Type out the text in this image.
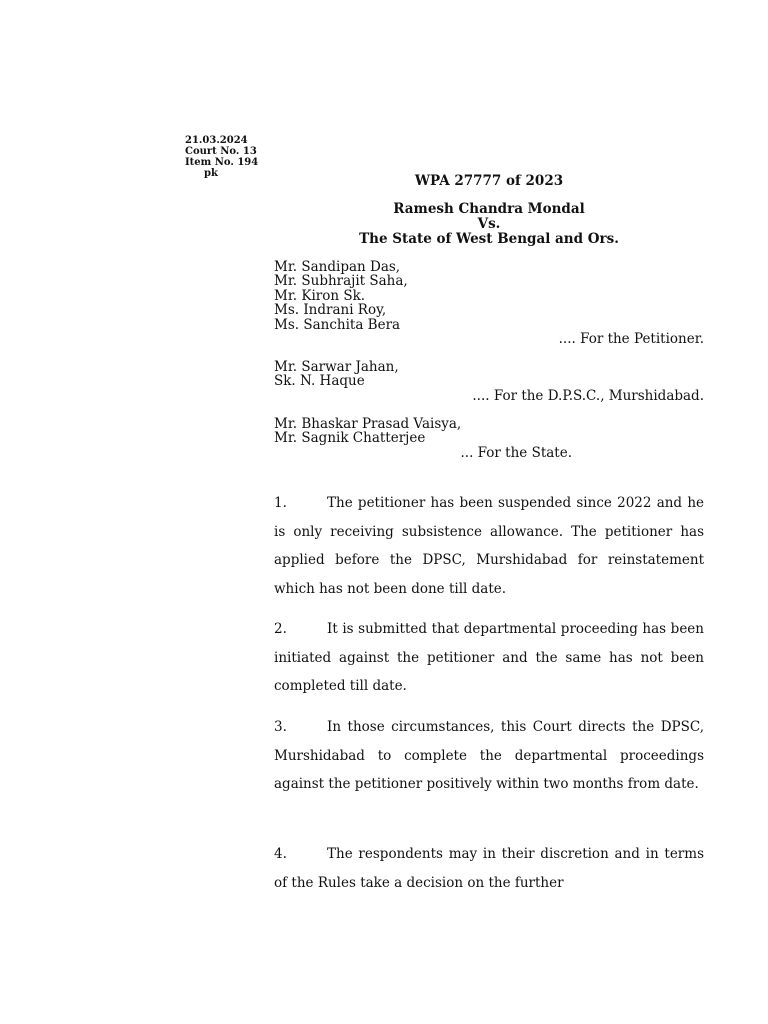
21.03.2024
Court No. 13
Item No. 194
pk	WPA 27777 of 2023
Ramesh Chandra Mondal
Vs.
The State of West Bengal and Ors.
Mr. Sandipan Das,
Mr. Subhrajit Saha,
Mr. Kiron Sk.
Ms. Indrani Roy,
Ms. Sanchita Bera
.... For the Petitioner.
Mr. Sarwar Jahan,
Sk. N. Haque
.... For the D.P.S.C., Murshidabad.
Mr. Bhaskar Prasad Vaisya,
Mr. Sagnik Chatterjee
... For the State.
1.	The petitioner has been suspended since 2022 and he is only receiving subsistence allowance. The petitioner has applied before the DPSC, Murshidabad for reinstatement which has not been done till date.
2.	It is submitted that departmental proceeding has been initiated against the petitioner and the same has not been completed till date.
3.	In those circumstances, this Court directs the DPSC, Murshidabad to complete the departmental proceedings against the petitioner positively within two months from date.
4.	The respondents may in their discretion and in terms of the Rules take a decision on the further
